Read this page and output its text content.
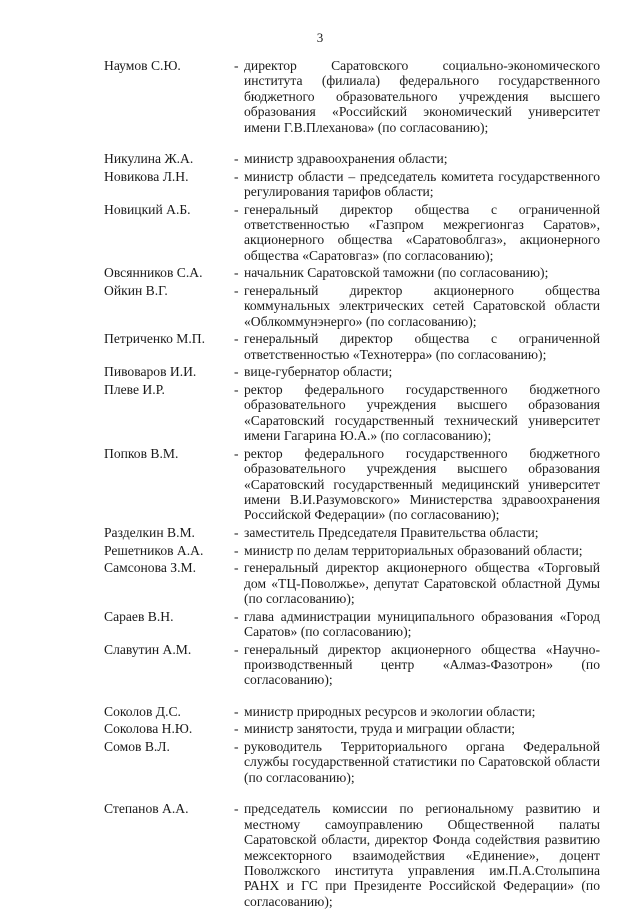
3
Наумов С.Ю.	- директор Саратовского социально-экономического института (филиала) федерального государственного бюджетного образовательного учреждения высшего образования «Российский экономический университет имени Г.В.Плеханова» (по согласованию);
Никулина Ж.А.	- министр здравоохранения области;
Новикова Л.Н.	- министр области – председатель комитета государственного регулирования тарифов области;
Новицкий А.Б.	- генеральный директор общества с ограниченной ответственностью «Газпром межрегионгаз Саратов», акционерного общества «Саратовоблгаз», акционерного общества «Саратовгаз» (по согласованию);
Овсянников С.А.	- начальник Саратовской таможни (по согласованию);
Ойкин В.Г.	- генеральный директор акционерного общества коммунальных электрических сетей Саратовской области «Облкоммунэнерго» (по согласованию);
Петриченко М.П.	- генеральный директор общества с ограниченной ответственностью «Технотерра» (по согласованию);
Пивоваров И.И.	- вице-губернатор области;
Плеве И.Р.	- ректор федерального государственного бюджетного образовательного учреждения высшего образования «Саратовский государственный технический университет имени Гагарина Ю.А.» (по согласованию);
Попков В.М.	- ректор федерального государственного бюджетного образовательного учреждения высшего образования «Саратовский государственный медицинский университет имени В.И.Разумовского» Министерства здравоохранения Российской Федерации» (по согласованию);
Разделкин В.М.	- заместитель Председателя Правительства области;
Решетников А.А.	- министр по делам территориальных образований области;
Самсонова З.М.	- генеральный директор акционерного общества «Торговый дом «ТЦ-Поволжье», депутат Саратовской областной Думы (по согласованию);
Сараев В.Н.	- глава администрации муниципального образования «Город Саратов» (по согласованию);
Славутин А.М.	- генеральный директор акционерного общества «Научно-производственный центр «Алмаз-Фазотрон» (по согласованию);
Соколов Д.С.	- министр природных ресурсов и экологии области;
Соколова Н.Ю.	- министр занятости, труда и миграции области;
Сомов В.Л.	- руководитель Территориального органа Федеральной службы государственной статистики по Саратовской области (по согласованию);
Степанов А.А.	- председатель комиссии по региональному развитию и местному самоуправлению Общественной палаты Саратовской области, директор Фонда содействия развитию межсекторного взаимодействия «Единение», доцент Поволжского института управления им.П.А.Столыпина РАНХ и ГС при Президенте Российской Федерации» (по согласованию);
